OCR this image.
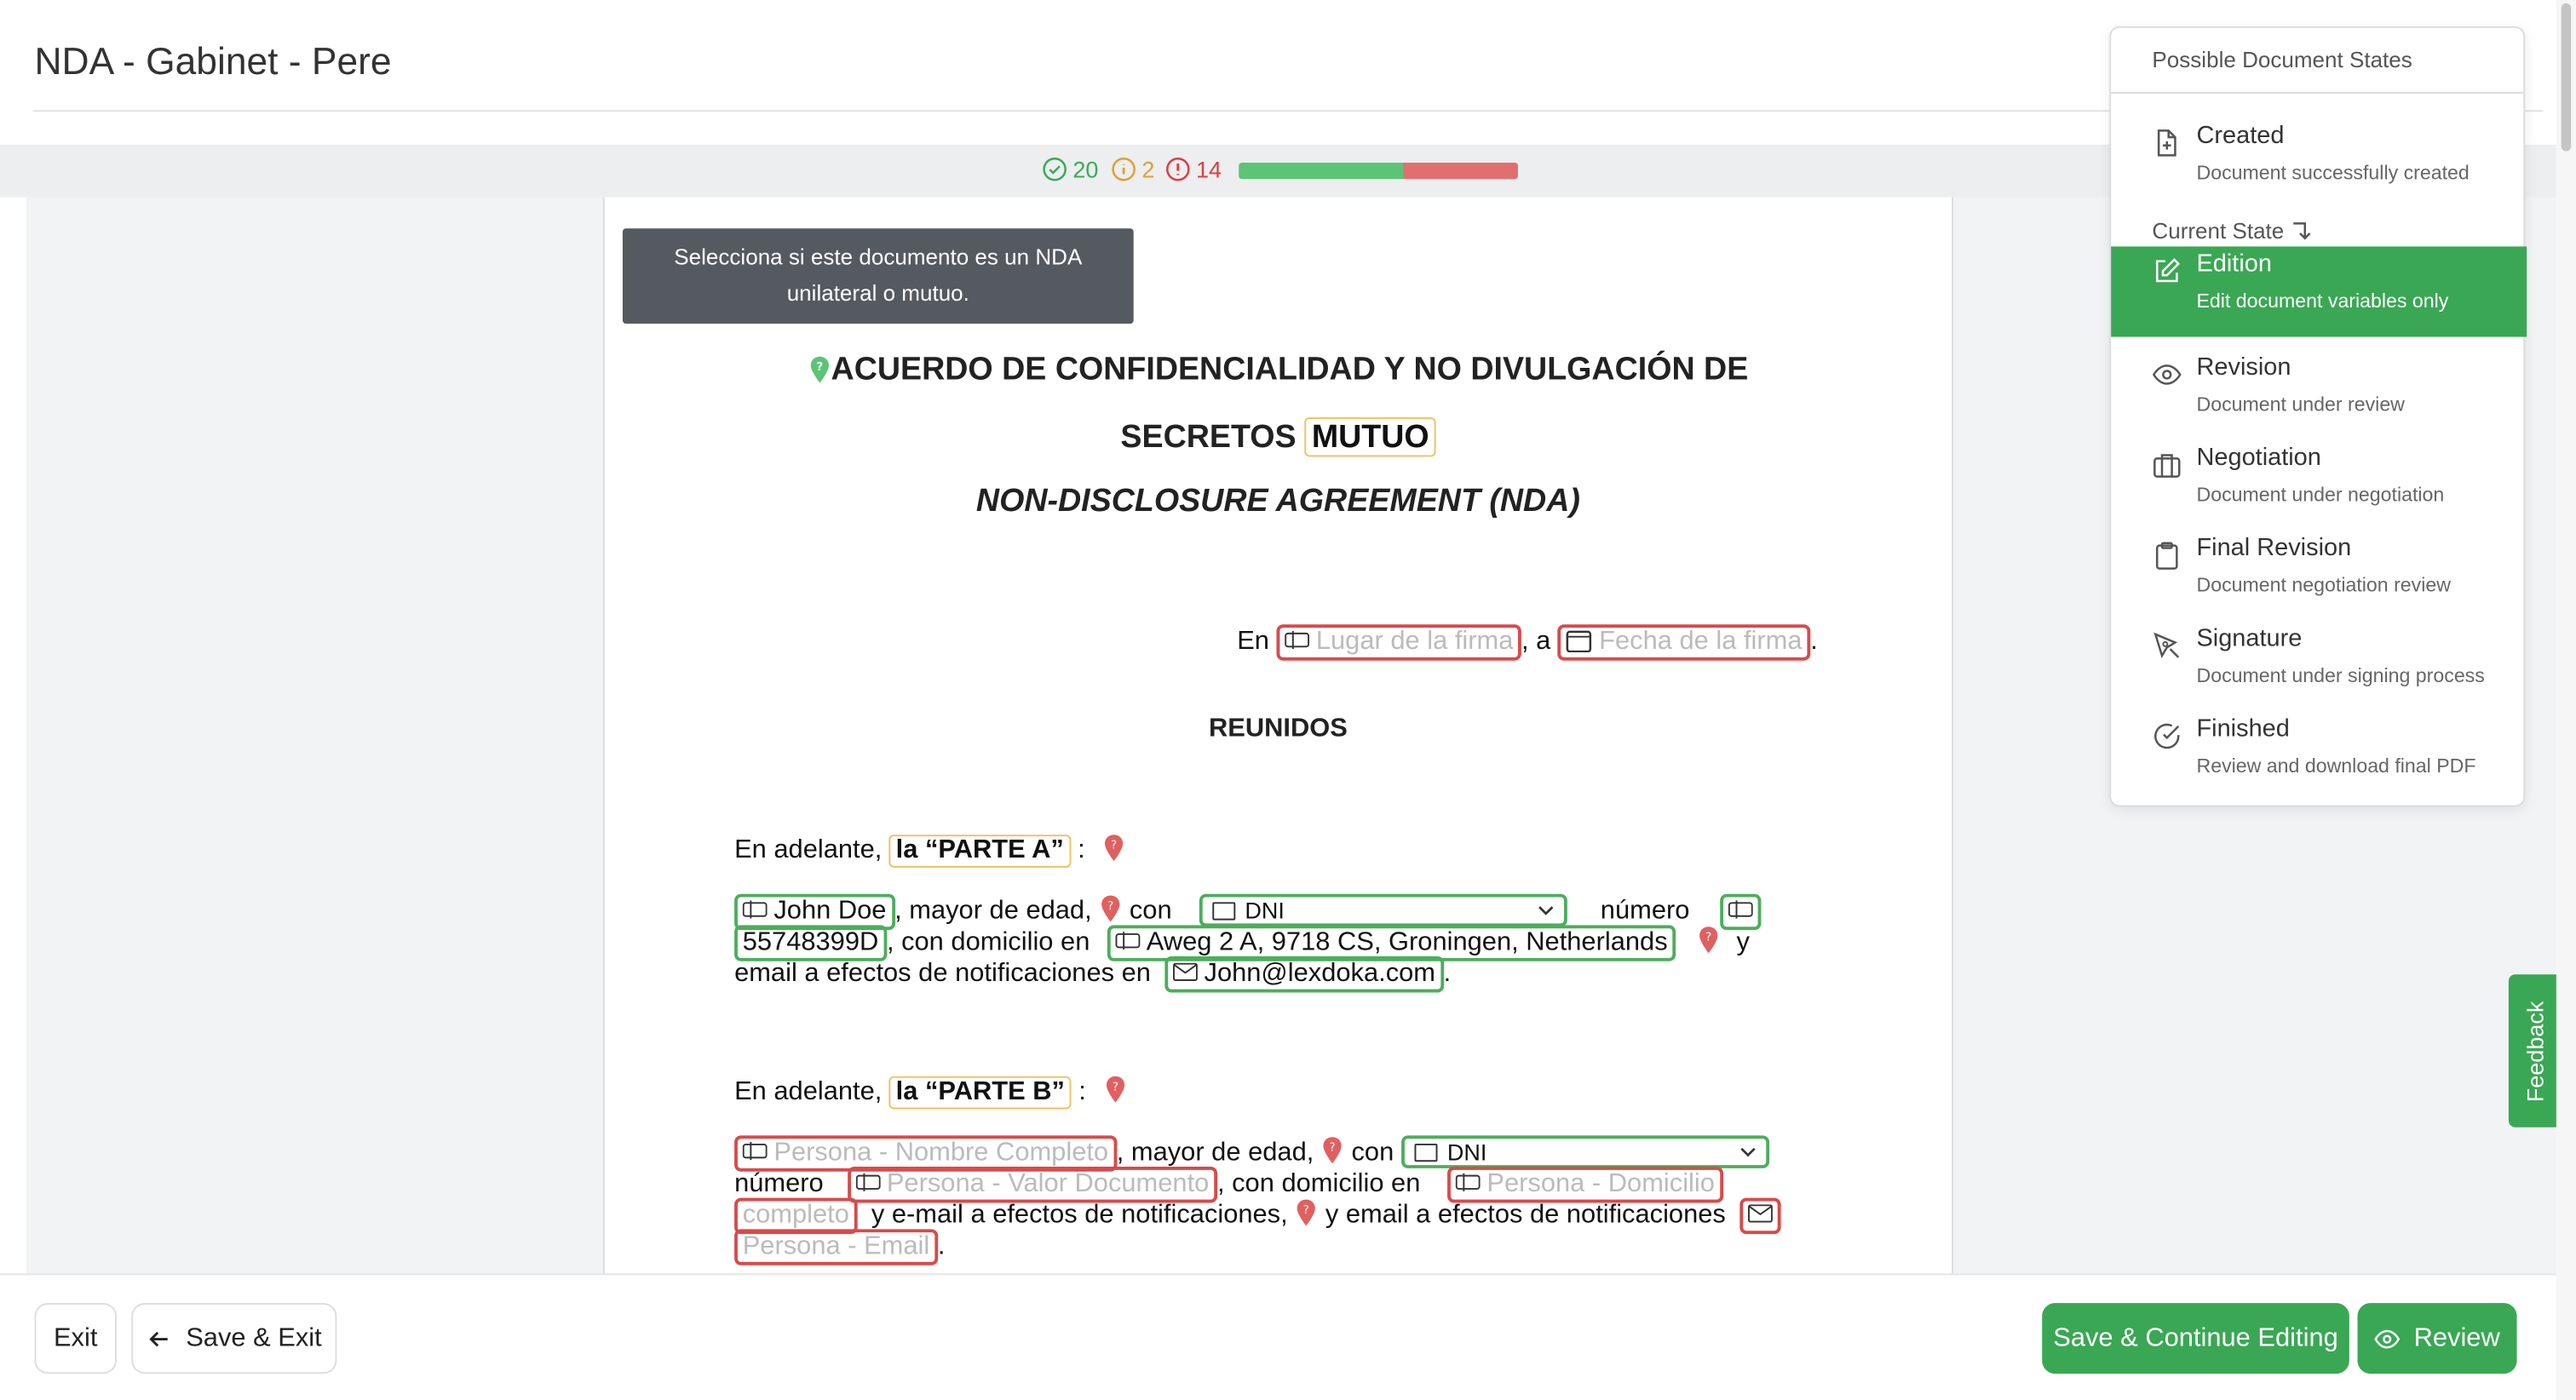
NDA - Gabinet - Pere
20	2	14
Selecciona si este documento es un NDA
unilateral o mutuo.
? ACUERDO DE CONFIDENCIALIDAD Y NO DIVULGACIÓN DE
SECRETOS MUTUO
NON-DISCLOSURE AGREEMENT (NDA)
En	Lugar de la firma , a	Fecha de la firma .
REUNIDOS
En adelante, la “PARTE A” :	?
John Doe , mayor de edad,	? con	DNI	número
55748399D , con domicilio en	Aweg 2 A, 9718 CS, Groningen, Netherlands	? y
email a efectos de notificaciones en	John@lexdoka.com .
En adelante, la “PARTE B” :	?
Persona - Nombre Completo , mayor de edad,	? con	DNI
número	Persona - Valor Documento , con domicilio en	Persona - Domicilio
completo y e-mail a efectos de notificaciones,	? y email a efectos de notificaciones
Persona - Email .
Exit	Save & Exit	Save & Continue Editing	Review
Possible Document States
Created
Document successfully created
Current State
Edition
Edit document variables only
Revision
Document under review
Negotiation
Document under negotiation
Final Revision
Document negotiation review
Signature
Document under signing process
Finished
Review and download final PDF
Feedback
